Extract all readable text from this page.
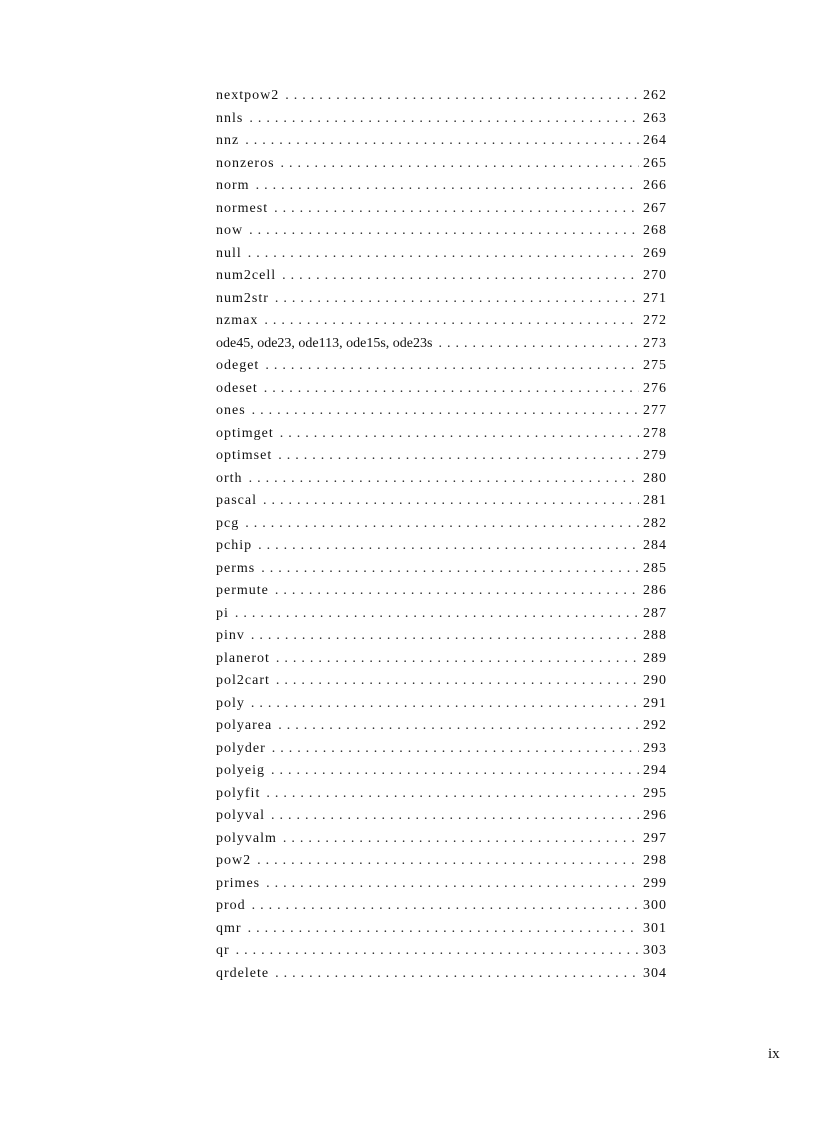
nextpow2 . . .	262
nnls . . .	263
nnz . . .	264
nonzeros . . .	265
norm . . .	266
normest . . .	267
now . . .	268
null . . .	269
num2cell . . .	270
num2str . . .	271
nzmax . . .	272
ode45, ode23, ode113, ode15s, ode23s . . .	273
odeget . . .	275
odeset . . .	276
ones . . .	277
optimget . . .	278
optimset . . .	279
orth . . .	280
pascal . . .	281
pcg . . .	282
pchip . . .	284
perms . . .	285
permute . . .	286
pi . . .	287
pinv . . .	288
planerot . . .	289
pol2cart . . .	290
poly . . .	291
polyarea . . .	292
polyder . . .	293
polyeig . . .	294
polyfit . . .	295
polyval . . .	296
polyvalm . . .	297
pow2 . . .	298
primes . . .	299
prod . . .	300
qmr . . .	301
qr . . .	303
qrdelete . . .	304
ix
